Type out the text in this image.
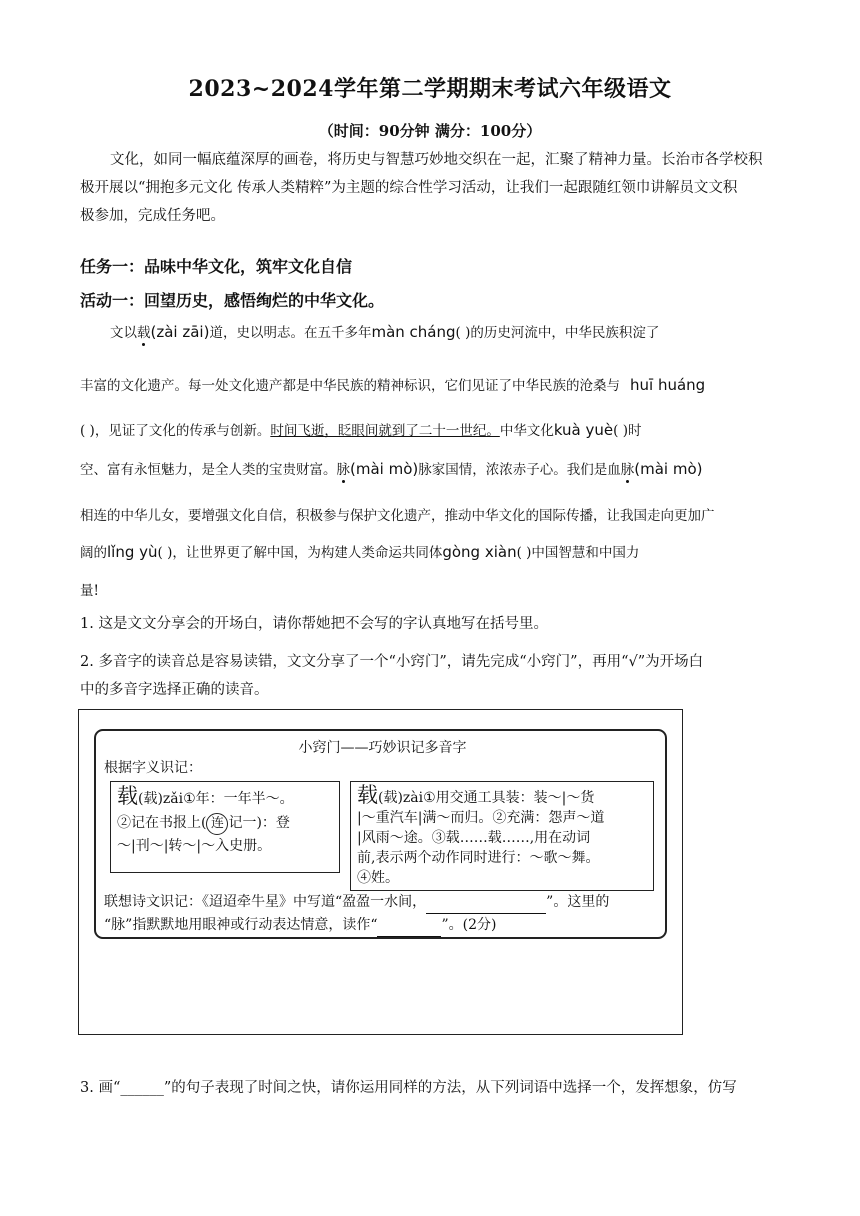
2023~2024学年第二学期期末考试六年级语文
（时间：90分钟 满分：100分）
文化，如同一幅底蕴深厚的画卷，将历史与智慧巧妙地交织在一起，汇聚了精神力量。长治市各学校积
极开展以“拥抱多元文化 传承人类精粹”为主题的综合性学习活动，让我们一起跟随红领巾讲解员文文积
极参加，完成任务吧。
任务一：品味中华文化，筑牢文化自信
活动一：回望历史，感悟绚烂的中华文化。
文以载(zài zāi)道，史以明志。在五千多年màn cháng( )的历史河流中，中华民族积淀了
丰富的文化遗产。每一处文化遗产都是中华民族的精神标识，它们见证了中华民族的沧桑与 huī huáng
( )，见证了文化的传承与创新。时间飞逝，眨眼间就到了二十一世纪。中华文化kuà yuè( )时
空、富有永恒魅力，是全人类的宝贵财富。脉(mài mò)脉家国情，浓浓赤子心。我们是血脉(mài mò)
相连的中华儿女，要增强文化自信，积极参与保护文化遗产，推动中华文化的国际传播，让我国走向更加广
阔的lǐng yù( )，让世界更了解中国，为构建人类命运共同体gòng xiàn( )中国智慧和中国力
量!
1. 这是文文分享会的开场白，请你帮她把不会写的字认真地写在括号里。
2. 多音字的读音总是容易读错，文文分享了一个“小窍门”，请先完成“小窍门”，再用“√”为开场白
中的多音字选择正确的读音。
小窍门——巧妙识记多音字
根据字义识记：
载(载)zǎi①年：一年半～。
②记在书报上( 连 记一)：登
～|刊～|转～|～入史册。
载(载)zài①用交通工具装：装～|～货
|～重汽车|满～而归。②充满：怨声～道
|风雨～途。③载……载……,用在动词
前,表示两个动作同时进行：～歌～舞。
④姓。
联想诗文识记：《迢迢牵牛星》中写道“盈盈一水间，	”。这里的
“脉”指默默地用眼神或行动表达情意，读作“	”。(2分)
3. 画“______”的句子表现了时间之快，请你运用同样的方法，从下列词语中选择一个，发挥想象，仿写
